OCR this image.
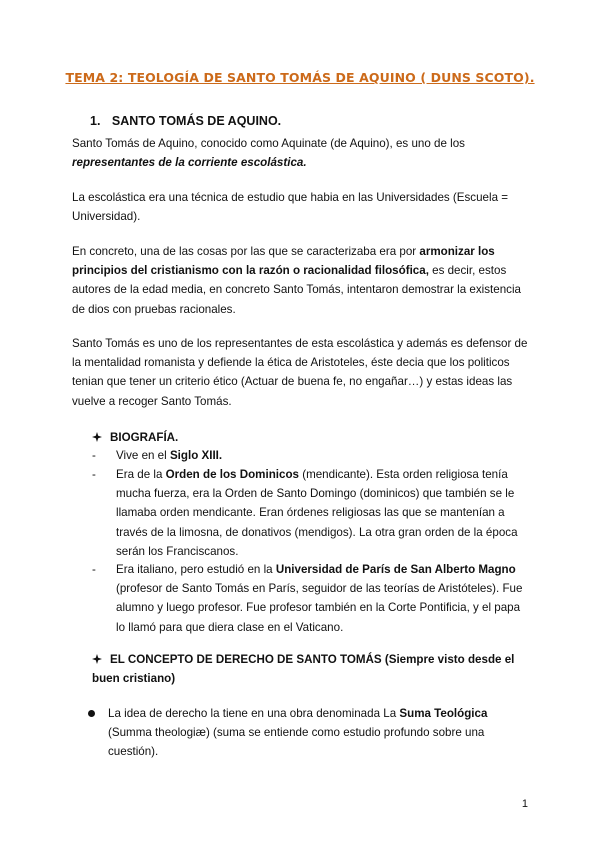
TEMA 2: TEOLOGÍA DE SANTO TOMÁS DE AQUINO ( DUNS SCOTO).
1. SANTO TOMÁS DE AQUINO.

Santo Tomás de Aquino, conocido como Aquinate (de Aquino), es uno de los representantes de la corriente escolástica.

La escolástica era una técnica de estudio que habia en las Universidades (Escuela = Universidad).

En concreto, una de las cosas por las que se caracterizaba era por armonizar los principios del cristianismo con la razón o racionalidad filosófica, es decir, estos autores de la edad media, en concreto Santo Tomás, intentaron demostrar la existencia de dios con pruebas racionales.

Santo Tomás es uno de los representantes de esta escolástica y además es defensor de la mentalidad romanista y defiende la ética de Aristoteles, éste decia que los politicos tenian que tener un criterio ético (Actuar de buena fe, no engañar…) y estas ideas las vuelve a recoger Santo Tomás.

BIOGRAFÍA.
- Vive en el Siglo XIII.
- Era de la Orden de los Dominicos (mendicante). Esta orden religiosa tenía mucha fuerza, era la Orden de Santo Domingo (dominicos) que también se le llamaba orden mendicante. Eran órdenes religiosas las que se mantenían a través de la limosna, de donativos (mendigos). La otra gran orden de la época serán los Franciscanos.
- Era italiano, pero estudió en la Universidad de París de San Alberto Magno (profesor de Santo Tomás en París, seguidor de las teorías de Aristóteles). Fue alumno y luego profesor. Fue profesor también en la Corte Pontificia, y el papa lo llamó para que diera clase en el Vaticano.
EL CONCEPTO DE DERECHO DE SANTO TOMÁS (Siempre visto desde el buen cristiano)
La idea de derecho la tiene en una obra denominada La Suma Teológica (Summa theologiæ) (suma se entiende como estudio profundo sobre una cuestión).
1
